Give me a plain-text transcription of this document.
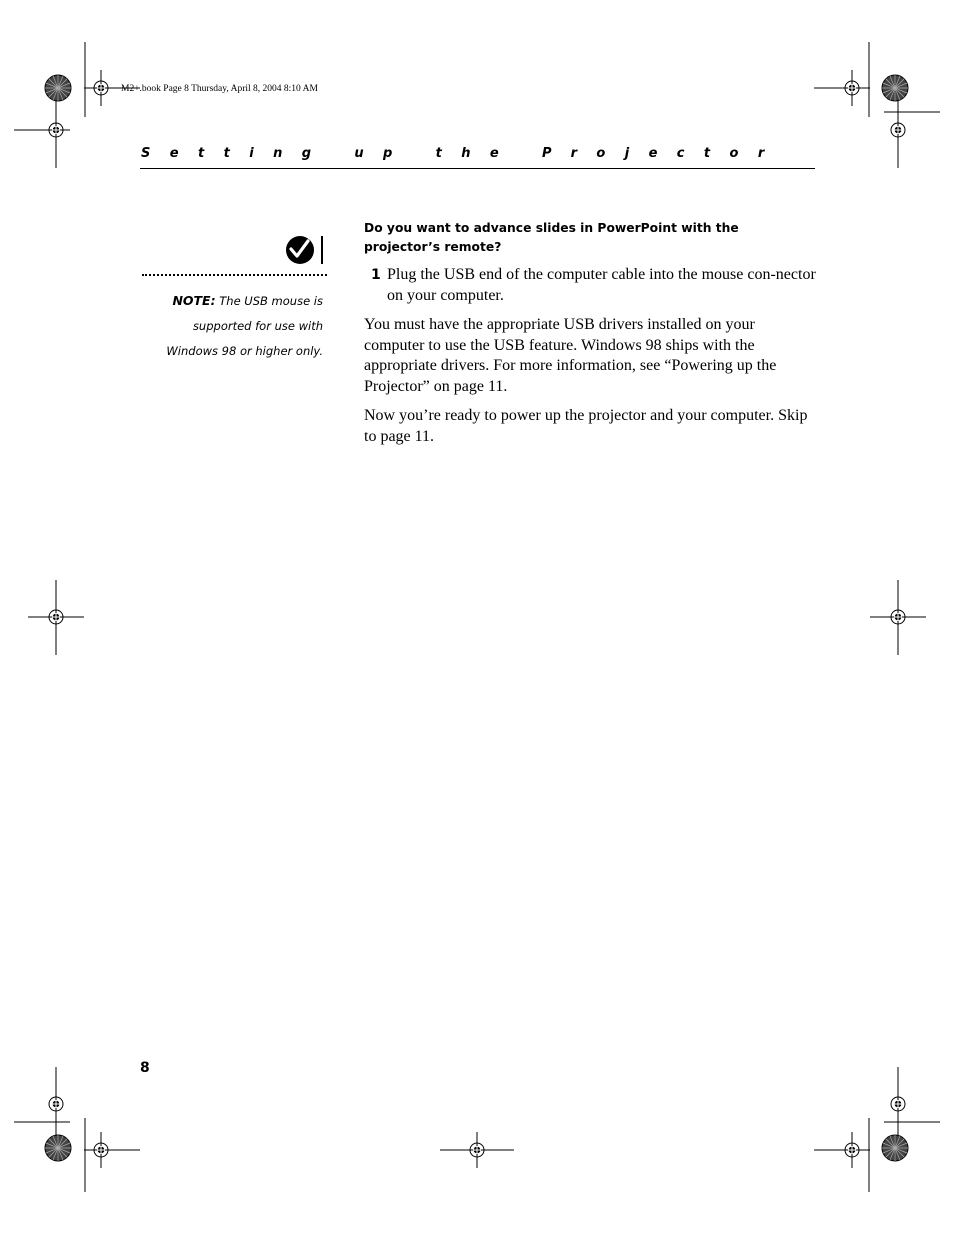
M2+.book Page 8 Thursday, April 8, 2004 8:10 AM
Setting up the Projector
NOTE: The USB mouse is
supported for use with
Windows 98 or higher only.
Do you want to advance slides in PowerPoint with the projector’s remote?
1 Plug the USB end of the computer cable into the mouse con-nector on your computer.

You must have the appropriate USB drivers installed on your computer to use the USB feature. Windows 98 ships with the appropriate drivers. For more information, see “Powering up the Projector” on page 11.

Now you’re ready to power up the projector and your computer. Skip to page 11.

8
